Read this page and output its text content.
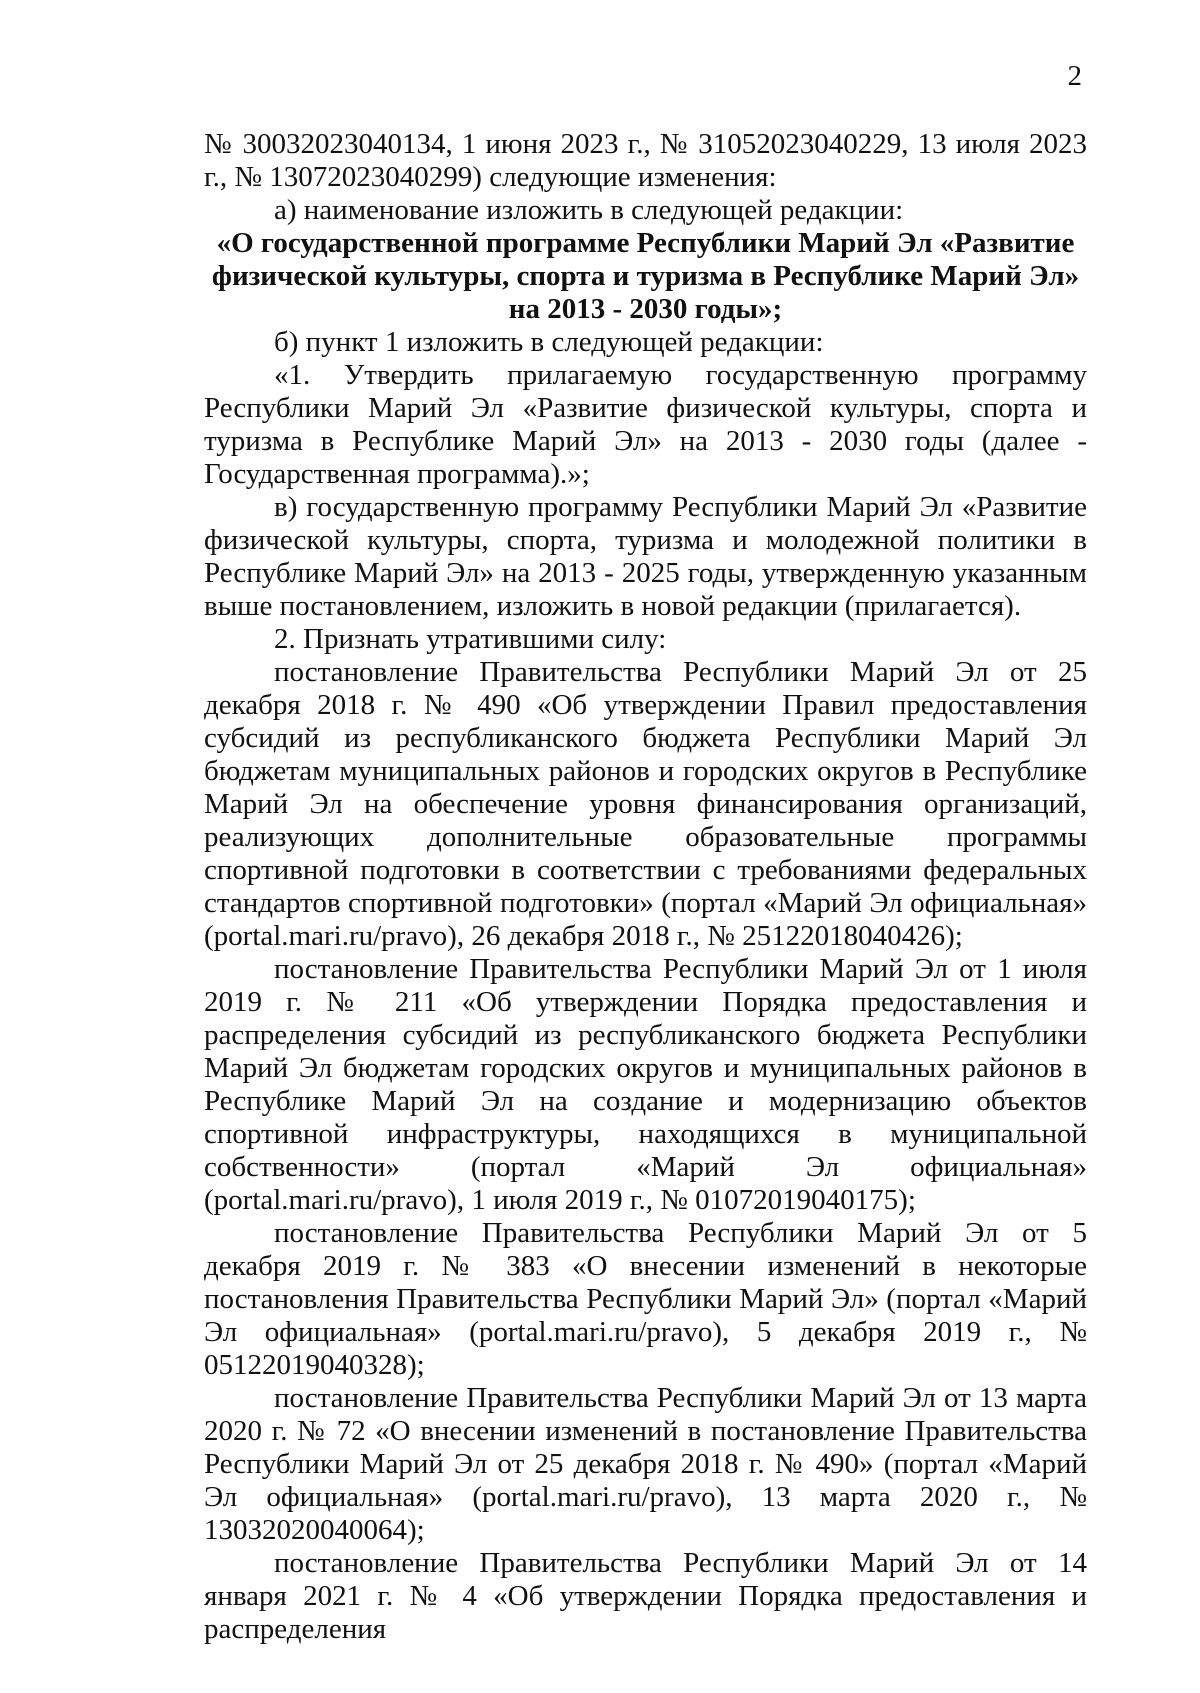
2

№ 30032023040134, 1 июня 2023 г., № 31052023040229, 13 июля 2023 г., № 13072023040299) следующие изменения:

а) наименование изложить в следующей редакции:

«О государственной программе Республики Марий Эл «Развитие физической культуры, спорта и туризма в Республике Марий Эл» на 2013 - 2030 годы»;

б) пункт 1 изложить в следующей редакции:

«1. Утвердить прилагаемую государственную программу Республики Марий Эл «Развитие физической культуры, спорта и туризма в Республике Марий Эл» на 2013 - 2030 годы (далее - Государственная программа).»;

в) государственную программу Республики Марий Эл «Развитие физической культуры, спорта, туризма и молодежной политики в Республике Марий Эл» на 2013 - 2025 годы, утвержденную указанным выше постановлением, изложить в новой редакции (прилагается).

2. Признать утратившими силу:

постановление Правительства Республики Марий Эл от 25 декабря 2018 г. № 490 «Об утверждении Правил предоставления субсидий из республиканского бюджета Республики Марий Эл бюджетам муниципальных районов и городских округов в Республике Марий Эл на обеспечение уровня финансирования организаций, реализующих дополнительные образовательные программы спортивной подготовки в соответствии с требованиями федеральных стандартов спортивной подготовки» (портал «Марий Эл официальная» (portal.mari.ru/pravo), 26 декабря 2018 г., № 25122018040426);

постановление Правительства Республики Марий Эл от 1 июля 2019 г. № 211 «Об утверждении Порядка предоставления и распределения субсидий из республиканского бюджета Республики Марий Эл бюджетам городских округов и муниципальных районов в Республике Марий Эл на создание и модернизацию объектов спортивной инфраструктуры, находящихся в муниципальной собственности» (портал «Марий Эл официальная» (portal.mari.ru/pravo), 1 июля 2019 г., № 01072019040175);

постановление Правительства Республики Марий Эл от 5 декабря 2019 г. № 383 «О внесении изменений в некоторые постановления Правительства Республики Марий Эл» (портал «Марий Эл официальная» (portal.mari.ru/pravo), 5 декабря 2019 г., № 05122019040328);

постановление Правительства Республики Марий Эл от 13 марта 2020 г. № 72 «О внесении изменений в постановление Правительства Республики Марий Эл от 25 декабря 2018 г. № 490» (портал «Марий Эл официальная» (portal.mari.ru/pravo), 13 марта 2020 г., № 13032020040064);

постановление Правительства Республики Марий Эл от 14 января 2021 г. № 4 «Об утверждении Порядка предоставления и распределения
